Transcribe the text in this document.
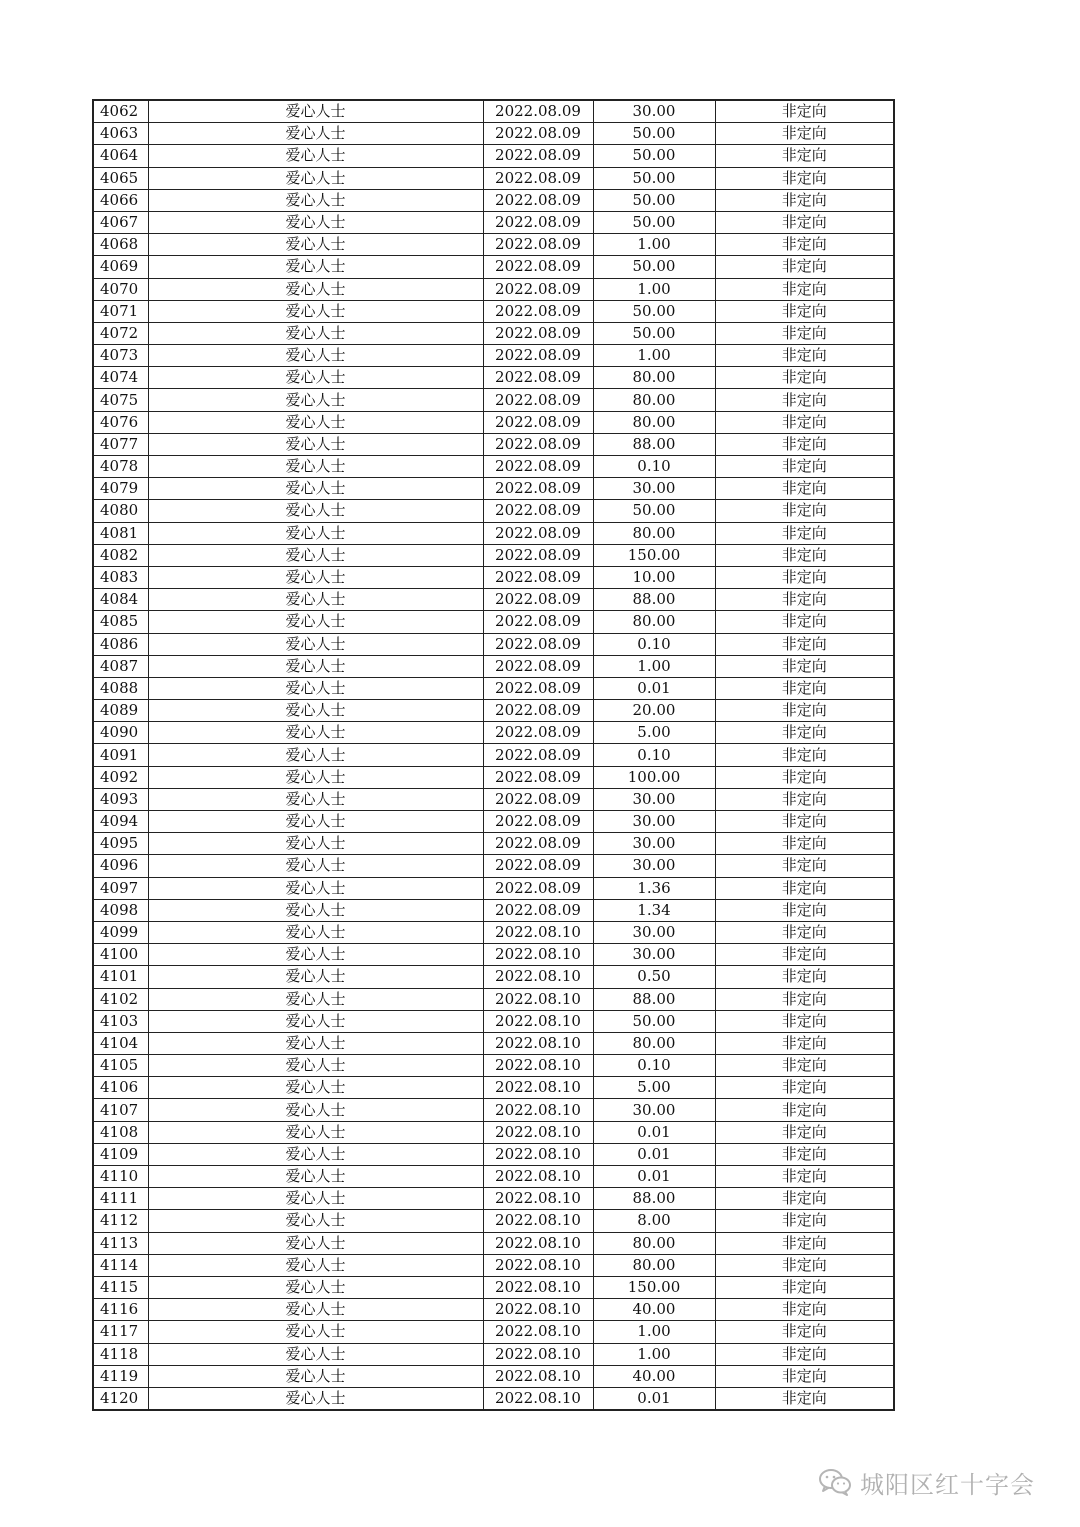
4062	爱心人士	2022.08.09	30.00	非定向
4063	爱心人士	2022.08.09	50.00	非定向
4064	爱心人士	2022.08.09	50.00	非定向
4065	爱心人士	2022.08.09	50.00	非定向
4066	爱心人士	2022.08.09	50.00	非定向
4067	爱心人士	2022.08.09	50.00	非定向
4068	爱心人士	2022.08.09	1.00	非定向
4069	爱心人士	2022.08.09	50.00	非定向
4070	爱心人士	2022.08.09	1.00	非定向
4071	爱心人士	2022.08.09	50.00	非定向
4072	爱心人士	2022.08.09	50.00	非定向
4073	爱心人士	2022.08.09	1.00	非定向
4074	爱心人士	2022.08.09	80.00	非定向
4075	爱心人士	2022.08.09	80.00	非定向
4076	爱心人士	2022.08.09	80.00	非定向
4077	爱心人士	2022.08.09	88.00	非定向
4078	爱心人士	2022.08.09	0.10	非定向
4079	爱心人士	2022.08.09	30.00	非定向
4080	爱心人士	2022.08.09	50.00	非定向
4081	爱心人士	2022.08.09	80.00	非定向
4082	爱心人士	2022.08.09	150.00	非定向
4083	爱心人士	2022.08.09	10.00	非定向
4084	爱心人士	2022.08.09	88.00	非定向
4085	爱心人士	2022.08.09	80.00	非定向
4086	爱心人士	2022.08.09	0.10	非定向
4087	爱心人士	2022.08.09	1.00	非定向
4088	爱心人士	2022.08.09	0.01	非定向
4089	爱心人士	2022.08.09	20.00	非定向
4090	爱心人士	2022.08.09	5.00	非定向
4091	爱心人士	2022.08.09	0.10	非定向
4092	爱心人士	2022.08.09	100.00	非定向
4093	爱心人士	2022.08.09	30.00	非定向
4094	爱心人士	2022.08.09	30.00	非定向
4095	爱心人士	2022.08.09	30.00	非定向
4096	爱心人士	2022.08.09	30.00	非定向
4097	爱心人士	2022.08.09	1.36	非定向
4098	爱心人士	2022.08.09	1.34	非定向
4099	爱心人士	2022.08.10	30.00	非定向
4100	爱心人士	2022.08.10	30.00	非定向
4101	爱心人士	2022.08.10	0.50	非定向
4102	爱心人士	2022.08.10	88.00	非定向
4103	爱心人士	2022.08.10	50.00	非定向
4104	爱心人士	2022.08.10	80.00	非定向
4105	爱心人士	2022.08.10	0.10	非定向
4106	爱心人士	2022.08.10	5.00	非定向
4107	爱心人士	2022.08.10	30.00	非定向
4108	爱心人士	2022.08.10	0.01	非定向
4109	爱心人士	2022.08.10	0.01	非定向
4110	爱心人士	2022.08.10	0.01	非定向
4111	爱心人士	2022.08.10	88.00	非定向
4112	爱心人士	2022.08.10	8.00	非定向
4113	爱心人士	2022.08.10	80.00	非定向
4114	爱心人士	2022.08.10	80.00	非定向
4115	爱心人士	2022.08.10	150.00	非定向
4116	爱心人士	2022.08.10	40.00	非定向
4117	爱心人士	2022.08.10	1.00	非定向
4118	爱心人士	2022.08.10	1.00	非定向
4119	爱心人士	2022.08.10	40.00	非定向
4120	爱心人士	2022.08.10	0.01	非定向
城阳区红十字会
